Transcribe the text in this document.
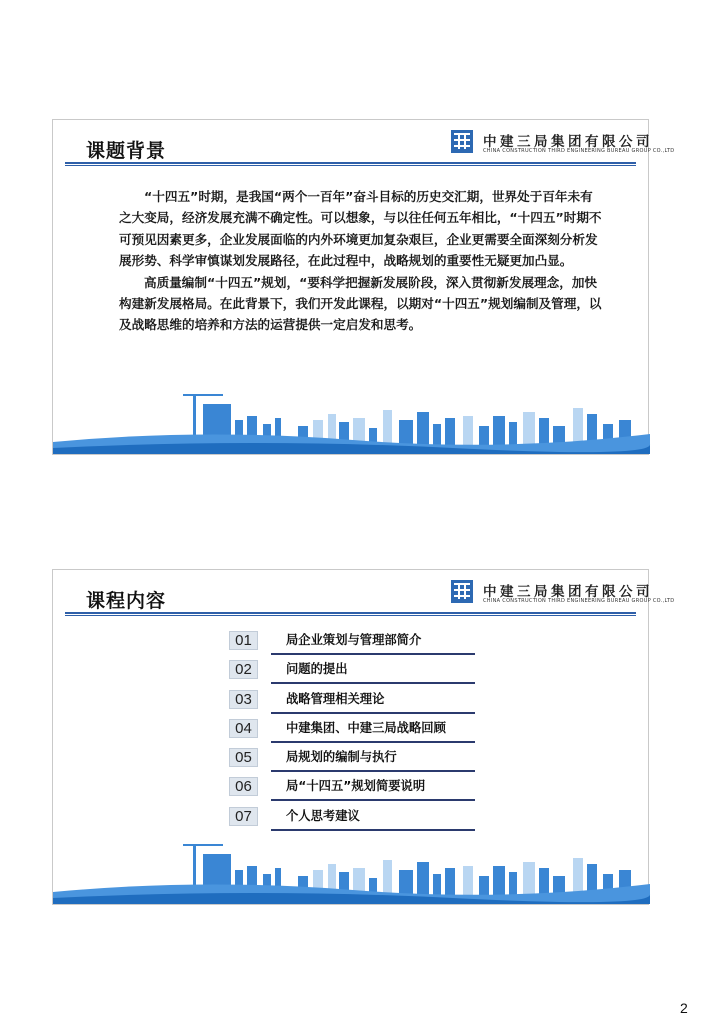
课题背景	中建三局集团有限公司
CHINA CONSTRUCTION THIRD ENGINEERING BUREAU GROUP CO.,LTD

“十四五”时期，是我国“两个一百年”奋斗目标的历史交汇期，世界处于百年未有之大变局，经济发展充满不确定性。可以想象，与以往任何五年相比，“十四五”时期不可预见因素更多，企业发展面临的内外环境更加复杂艰巨，企业更需要全面深刻分析发展形势、科学审慎谋划发展路径，在此过程中，战略规划的重要性无疑更加凸显。

高质量编制“十四五”规划，“要科学把握新发展阶段，深入贯彻新发展理念，加快构建新发展格局。在此背景下，我们开发此课程，以期对“十四五”规划编制及管理，以及战略思维的培养和方法的运营提供一定启发和思考。

课程内容	中建三局集团有限公司
CHINA CONSTRUCTION THIRD ENGINEERING BUREAU GROUP CO.,LTD
01	局企业策划与管理部简介
02	问题的提出
03	战略管理相关理论
04	中建集团、中建三局战略回顾
05	局规划的编制与执行
06	局“十四五”规划简要说明
07	个人思考建议
2
